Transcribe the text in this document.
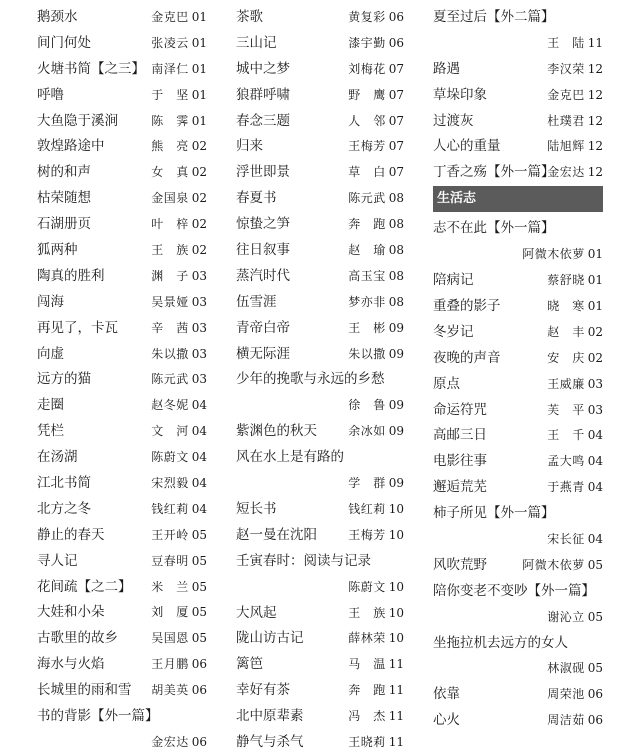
鹅颈水	金克巴 01
间门何处	张凌云 01
火塘书简【之三】 南泽仁 01
呼噜	于　坚 01
大鱼隐于溪涧	陈　霁 01
敦煌路途中	熊　亮 02
树的和声	女　真 02
枯荣随想	金国泉 02
石湖册页	叶　梓 02
狐两种	王　族 02
陶真的胜利	渊　子 03
闯海	吴景娅 03
再见了，卡瓦	辛　茜 03
向虚	朱以撒 03
远方的猫	陈元武 03
走圈	赵冬妮 04
凭栏	文　河 04
在汤湖	陈蔚文 04
江北书简	宋烈毅 04
北方之冬	钱红莉 04
静止的春天	王开岭 05
寻人记	豆春明 05
花间疏【之二】 米　兰 05
大娃和小朵	刘　厦 05
古歌里的故乡	吴国恩 05
海水与火焰	王月鹏 06
长城里的雨和雪 胡美英 06
书的背影【外一篇】
金宏达 06
茶歌	黄复彩 06
三山记	漆宇勤 06
城中之梦	刘梅花 07
狼群呼啸	野　鹰 07
春念三题	人　邻 07
归来	王梅芳 07
浮世即景	草　白 07
春夏书	陈元武 08
惊蛰之笋	奔　跑 08
往日叙事	赵　瑜 08
蒸汽时代	高玉宝 08
伍雪涯	梦亦非 08
青帝白帝	王　彬 09
横无际涯	朱以撒 09
少年的挽歌与永远的乡愁
徐　鲁 09
紫渊色的秋天	余冰如 09
风在水上是有路的
学　群 09
短长书	钱红莉 10
赵一曼在沈阳	王梅芳 10
壬寅春时：阅读与记录
陈蔚文 10
大风起	王　族 10
陇山访古记	薛林荣 10
篱笆	马　温 11
幸好有茶	奔　跑 11
北中原辈素	冯　杰 11
静气与杀气	王晓莉 11
夏至过后【外二篇】
王　陆 11
路遇	李汉荣 12
草垛印象	金克巴 12
过渡灰	杜璞君 12
人心的重量	陆旭辉 12
丁香之殇【外一篇】
金宏达 12
生活志
志不在此【外一篇】
阿微木依萝 01
陪病记	蔡舒晓 01
重叠的影子	晓　寒 01
冬岁记	赵　丰 02
夜晚的声音	安　庆 02
原点	王威廉 03
命运符咒	芙　平 03
高邮三日	王　千 04
电影往事	孟大鸣 04
邂逅荒芜	于燕青 04
柿子所见【外一篇】
宋长征 04
风吹荒野	阿微木依萝 05
陪你变老不变吵【外一篇】
谢沁立 05
坐拖拉机去远方的女人
林淑砚 05
依靠	周荣池 06
心火	周洁茹 06
